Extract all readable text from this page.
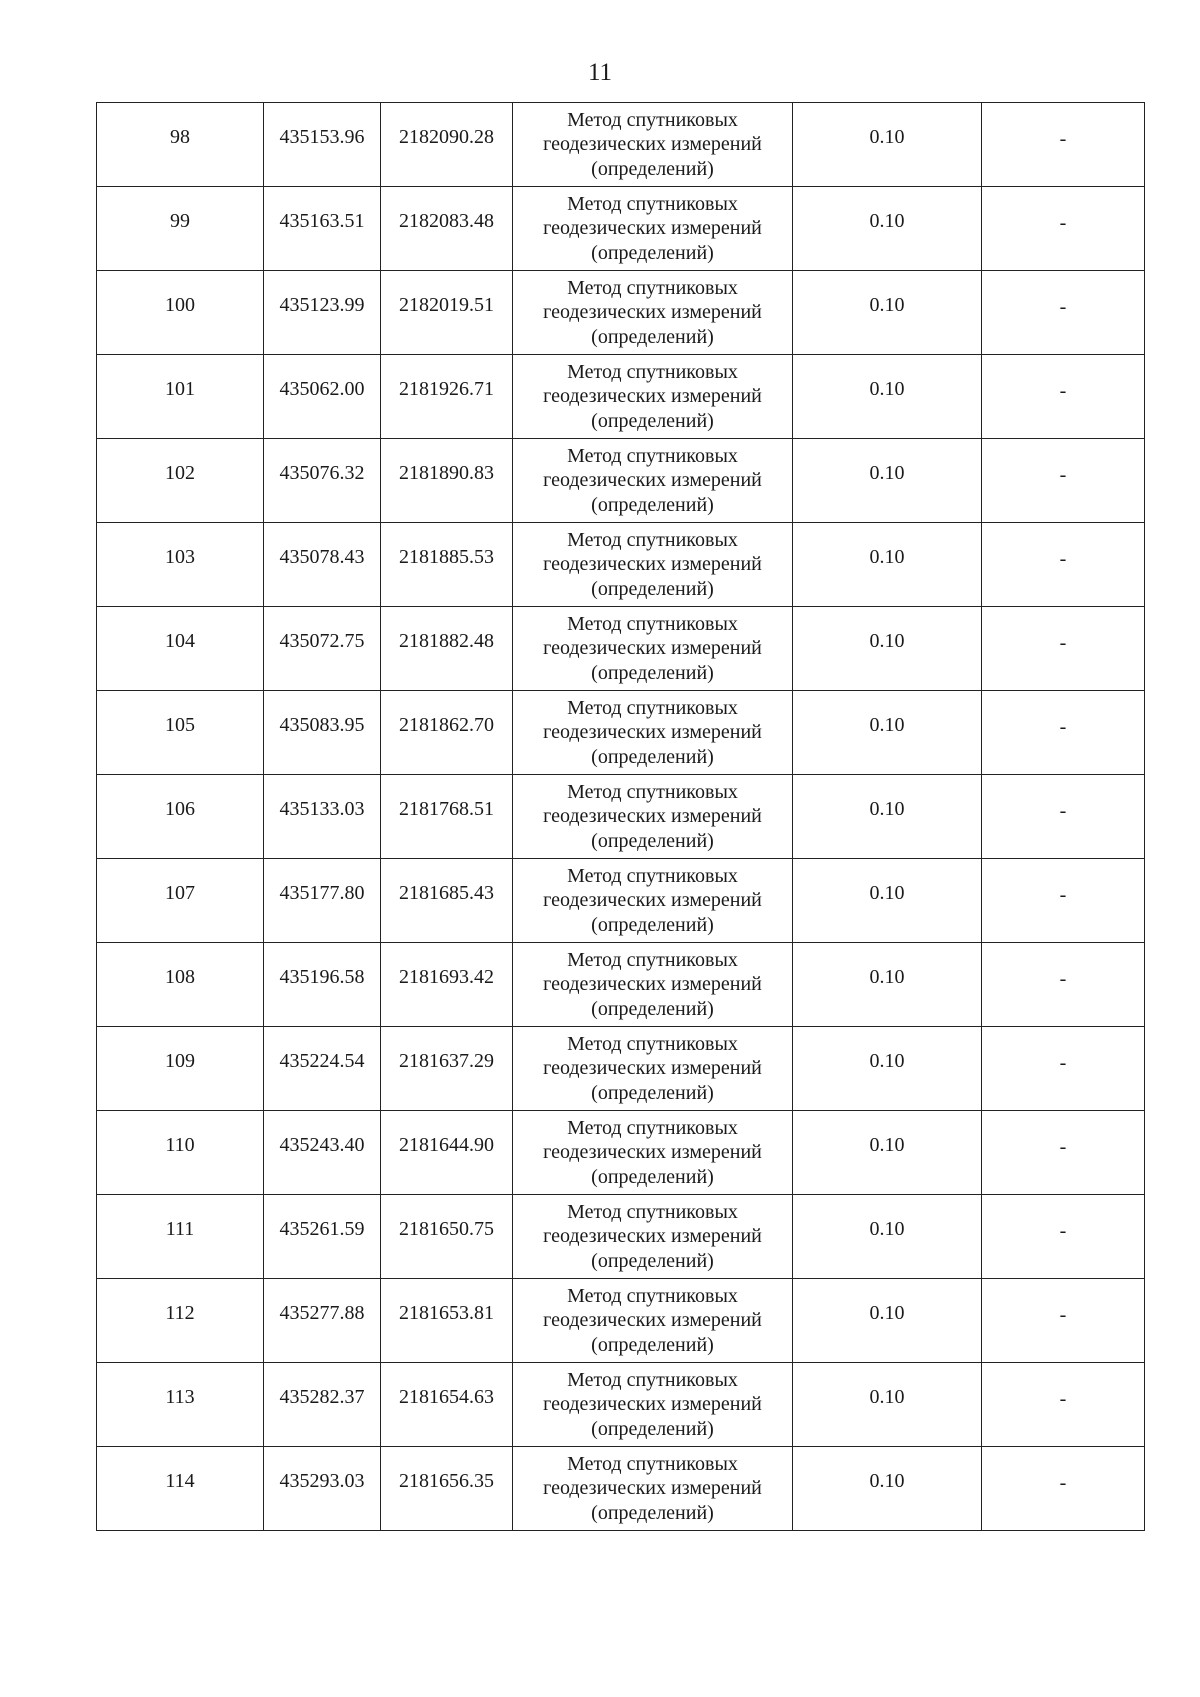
11
98	435153.96	2182090.28	Метод спутниковых
геодезических измерений
(определений)	0.10	-
99	435163.51	2182083.48	Метод спутниковых
геодезических измерений
(определений)	0.10	-
100	435123.99	2182019.51	Метод спутниковых
геодезических измерений
(определений)	0.10	-
101	435062.00	2181926.71	Метод спутниковых
геодезических измерений
(определений)	0.10	-
102	435076.32	2181890.83	Метод спутниковых
геодезических измерений
(определений)	0.10	-
103	435078.43	2181885.53	Метод спутниковых
геодезических измерений
(определений)	0.10	-
104	435072.75	2181882.48	Метод спутниковых
геодезических измерений
(определений)	0.10	-
105	435083.95	2181862.70	Метод спутниковых
геодезических измерений
(определений)	0.10	-
106	435133.03	2181768.51	Метод спутниковых
геодезических измерений
(определений)	0.10	-
107	435177.80	2181685.43	Метод спутниковых
геодезических измерений
(определений)	0.10	-
108	435196.58	2181693.42	Метод спутниковых
геодезических измерений
(определений)	0.10	-
109	435224.54	2181637.29	Метод спутниковых
геодезических измерений
(определений)	0.10	-
110	435243.40	2181644.90	Метод спутниковых
геодезических измерений
(определений)	0.10	-
111	435261.59	2181650.75	Метод спутниковых
геодезических измерений
(определений)	0.10	-
112	435277.88	2181653.81	Метод спутниковых
геодезических измерений
(определений)	0.10	-
113	435282.37	2181654.63	Метод спутниковых
геодезических измерений
(определений)	0.10	-
114	435293.03	2181656.35	Метод спутниковых
геодезических измерений
(определений)	0.10	-
